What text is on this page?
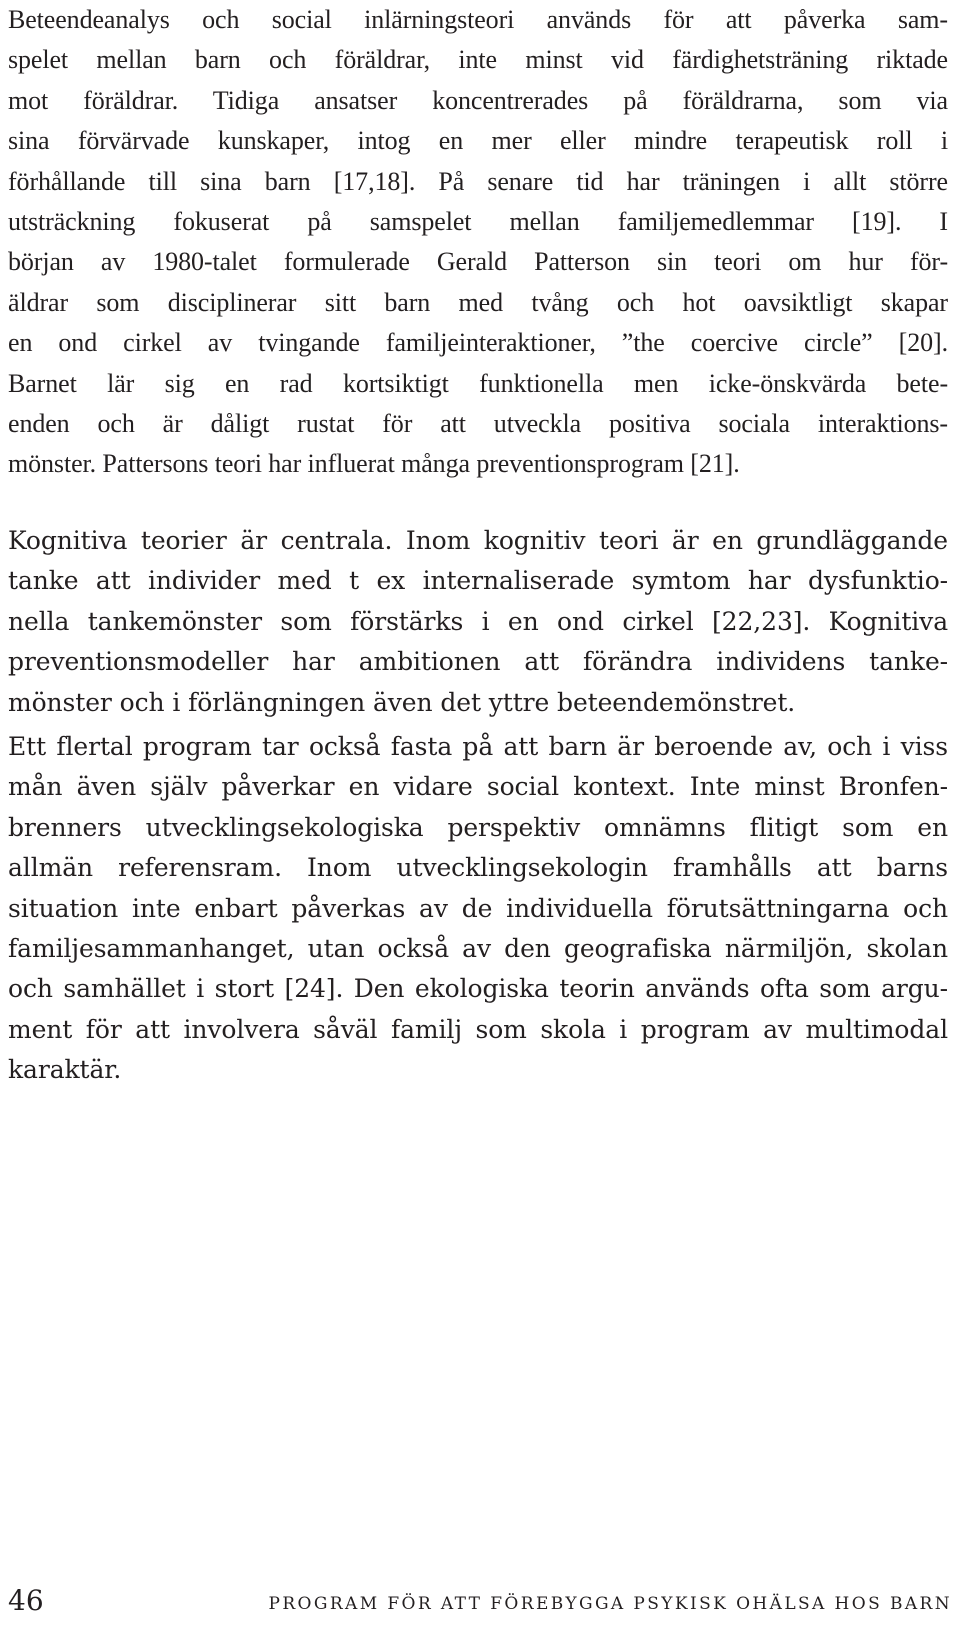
Beteendeanalys och social inlärningsteori används för att påverka sam-
spelet mellan barn och föräldrar, inte minst vid färdighetsträning riktade
mot föräldrar. Tidiga ansatser koncentrerades på föräldrarna, som via
sina förvärvade kunskaper, intog en mer eller mindre terapeutisk roll i
förhållande till sina barn [17,18]. På senare tid har träningen i allt större
utsträckning fokuserat på samspelet mellan familjemedlemmar [19]. I
början av 1980-talet formulerade Gerald Patterson sin teori om hur för-
äldrar som disciplinerar sitt barn med tvång och hot oavsiktligt skapar
en ond cirkel av tvingande familjeinteraktioner, ”the coercive circle” [20].
Barnet lär sig en rad kortsiktigt funktionella men icke-önskvärda bete-
enden och är dåligt rustat för att utveckla positiva sociala interaktions-
mönster. Pattersons teori har influerat många preventionsprogram [21].
Kognitiva teorier är centrala. Inom kognitiv teori är en grundläggande
tanke att individer med t ex internaliserade symtom har dysfunktio-
nella tankemönster som förstärks i en ond cirkel [22,23]. Kognitiva
preventionsmodeller har ambitionen att förändra individens tanke-
mönster och i förlängningen även det yttre beteendemönstret.
Ett flertal program tar också fasta på att barn är beroende av, och i viss
mån även själv påverkar en vidare social kontext. Inte minst Bronfen-
brenners utvecklingsekologiska perspektiv omnämns flitigt som en
allmän referensram. Inom utvecklingsekologin framhålls att barns
situation inte enbart påverkas av de individuella förutsättningarna och
familjesammanhanget, utan också av den geografiska närmiljön, skolan
och samhället i stort [24]. Den ekologiska teorin används ofta som argu-
ment för att involvera såväl familj som skola i program av multimodal
karaktär.
46	PROGRAM FÖR ATT FÖREBYGGA PSYKISK OHÄLSA HOS BARN
